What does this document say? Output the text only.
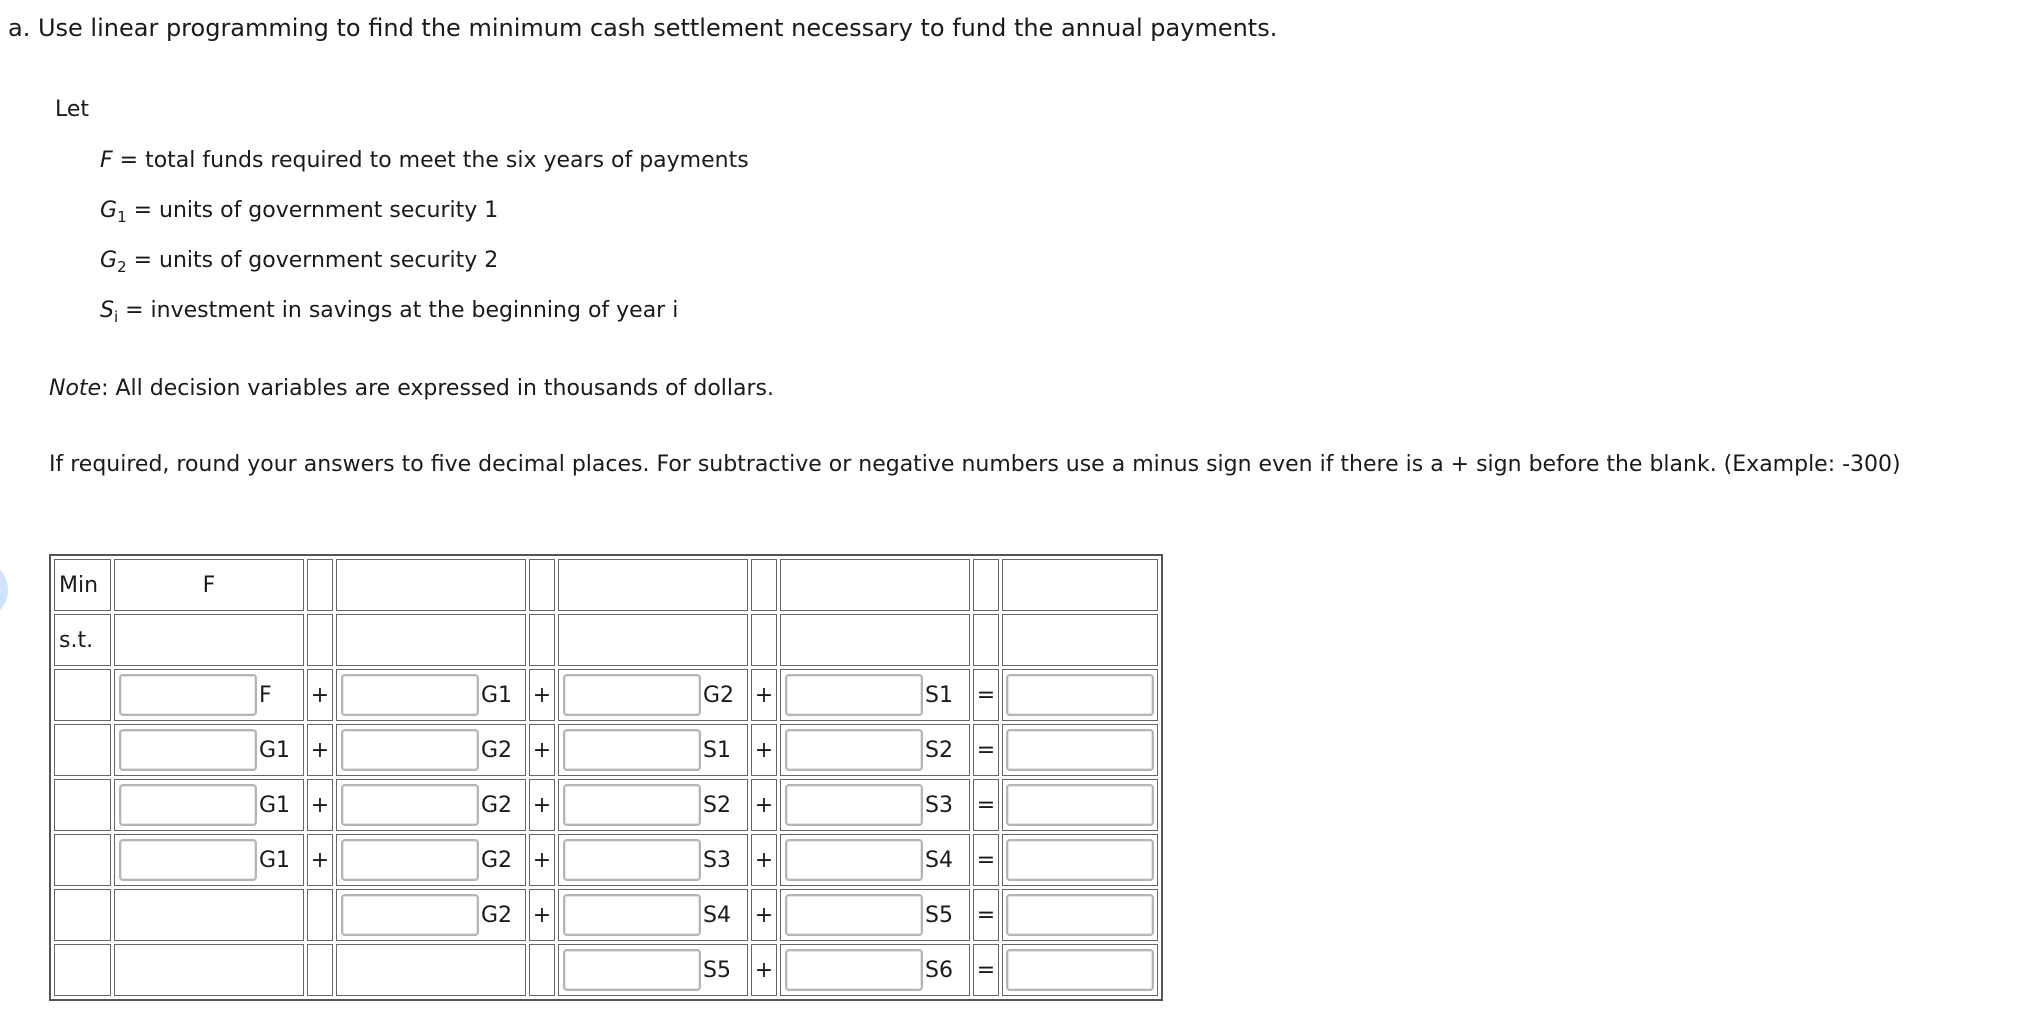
a. Use linear programming to find the minimum cash settlement necessary to fund the annual payments.
Let
F = total funds required to meet the six years of payments
$G_1$ = units of government security 1
$G_2$ = units of government security 2
$S_i$ = investment in savings at the beginning of year i
Note: All decision variables are expressed in thousands of dollars.
If required, round your answers to five decimal places. For subtractive or negative numbers use a minus sign even if there is a + sign before the blank. (Example: -300)
Min	F								
s.t.									

	F	+	G1	+	G2	+	S1	=	

	G1	+	G2	+	S1	+	S2	=	

	G1	+	G2	+	S2	+	S3	=	

	G1	+	G2	+	S3	+	S4	=	

			G2	+	S4	+	S5	=	

					S5	+	S6	=	
